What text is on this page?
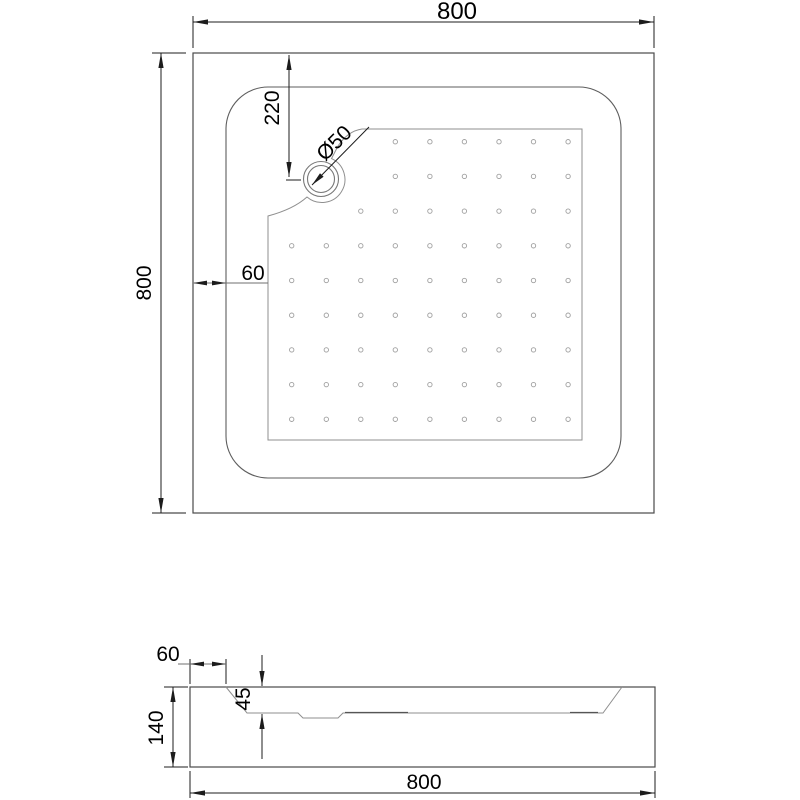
800
800
220
Ø50
60
60
140
45
800
